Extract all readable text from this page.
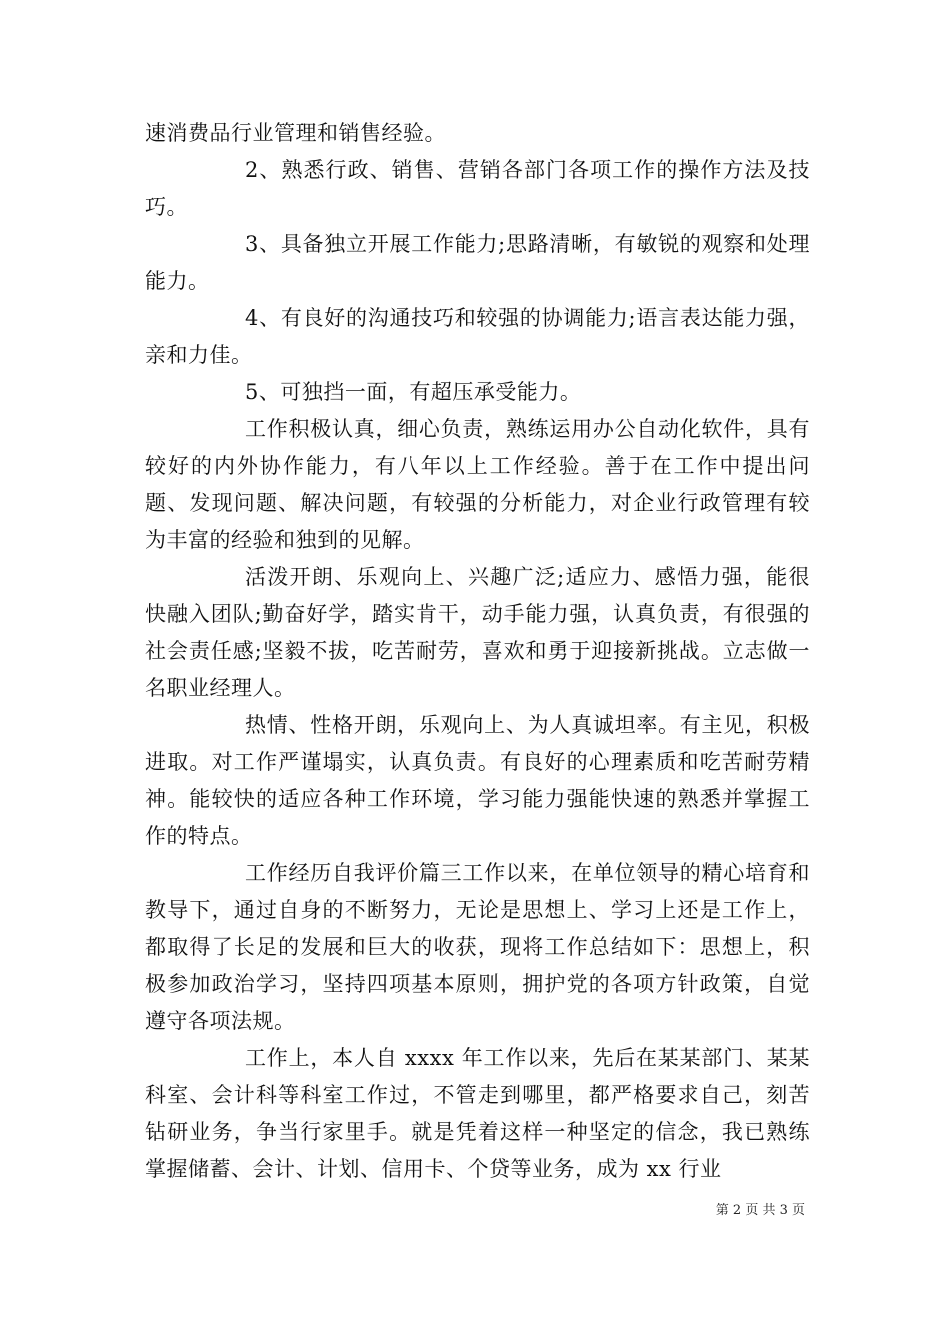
速消费品行业管理和销售经验。

2、熟悉行政、销售、营销各部门各项工作的操作方法及技巧。

3、具备独立开展工作能力;思路清晰，有敏锐的观察和处理能力。

4、有良好的沟通技巧和较强的协调能力;语言表达能力强，亲和力佳。

5、可独挡一面，有超压承受能力。

工作积极认真，细心负责，熟练运用办公自动化软件，具有较好的内外协作能力，有八年以上工作经验。善于在工作中提出问题、发现问题、解决问题，有较强的分析能力，对企业行政管理有较为丰富的经验和独到的见解。

活泼开朗、乐观向上、兴趣广泛;适应力、感悟力强，能很快融入团队;勤奋好学，踏实肯干，动手能力强，认真负责，有很强的社会责任感;坚毅不拔，吃苦耐劳，喜欢和勇于迎接新挑战。立志做一名职业经理人。

热情、性格开朗，乐观向上、为人真诚坦率。有主见，积极进取。对工作严谨塌实，认真负责。有良好的心理素质和吃苦耐劳精神。能较快的适应各种工作环境，学习能力强能快速的熟悉并掌握工作的特点。

工作经历自我评价篇三工作以来，在单位领导的精心培育和教导下，通过自身的不断努力，无论是思想上、学习上还是工作上，都取得了长足的发展和巨大的收获，现将工作总结如下：思想上，积极参加政治学习，坚持四项基本原则，拥护党的各项方针政策，自觉遵守各项法规。

工作上，本人自 xxxx 年工作以来，先后在某某部门、某某科室、会计科等科室工作过，不管走到哪里，都严格要求自己，刻苦钻研业务，争当行家里手。就是凭着这样一种坚定的信念，我已熟练掌握储蓄、会计、计划、信用卡、个贷等业务，成为 xx 行业

第 2 页 共 3 页
